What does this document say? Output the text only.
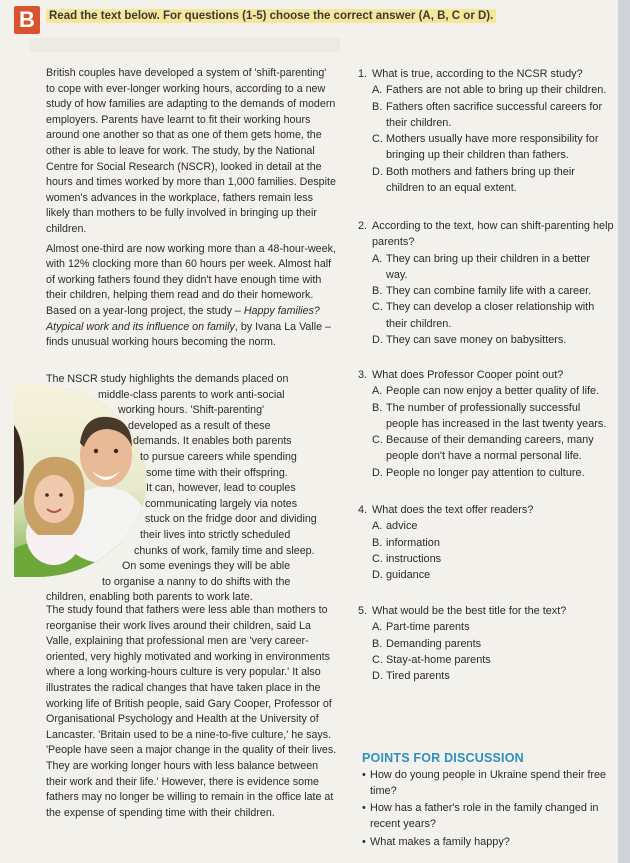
B	Read the text below. For questions (1-5) choose the correct answer (A, B, C or D).

British couples have developed a system of 'shift-parenting' to cope with ever-longer working hours, according to a new study of how families are adapting to the demands of modern employers. Parents have learnt to fit their working hours around one another so that as one of them gets home, the other is able to leave for work. The study, by the National Centre for Social Research (NSCR), looked in detail at the hours and times worked by more than 1,000 families. Despite women's advances in the workplace, fathers remain less likely than mothers to be fully involved in bringing up their children.

Almost one-third are now working more than a 48-hour-week, with 12% clocking more than 60 hours per week. Almost half of working fathers found they didn't have enough time with their children, helping them read and do their homework. Based on a year-long project, the study – Happy families? Atypical work and its influence on family, by Ivana La Valle – finds unusual working hours becoming the norm.

The NSCR study highlights the demands placed on
middle-class parents to work anti-social
working hours. 'Shift-parenting'
developed as a result of these
demands. It enables both parents
to pursue careers while spending
some time with their offspring.
It can, however, lead to couples
communicating largely via notes
stuck on the fridge door and dividing
their lives into strictly scheduled
chunks of work, family time and sleep.
On some evenings they will be able
to organise a nanny to do shifts with the
children, enabling both parents to work late.
The study found that fathers were less able than mothers to reorganise their work lives around their children, said La Valle, explaining that professional men are 'very career-oriented, very highly motivated and working in environments where a long working-hours culture is very popular.' It also illustrates the radical changes that have taken place in the working life of British people, said Gary Cooper, Professor of Organisational Psychology and Health at the University of Lancaster. 'Britain used to be a nine-to-five culture,' he says. 'People have seen a major change in the quality of their lives. They are working longer hours with less balance between their work and their life.' However, there is evidence some fathers may no longer be willing to remain in the office late at the expense of spending time with their children.
1. What is true, according to the NCSR study?
A. Fathers are not able to bring up their children.
B. Fathers often sacrifice successful careers for their children.
C. Mothers usually have more responsibility for bringing up their children than fathers.
D. Both mothers and fathers bring up their children to an equal extent.
2. According to the text, how can shift-parenting help parents?
A. They can bring up their children in a better way.
B. They can combine family life with a career.
C. They can develop a closer relationship with their children.
D. They can save money on babysitters.
3. What does Professor Cooper point out?
A. People can now enjoy a better quality of life.
B. The number of professionally successful people has increased in the last twenty years.
C. Because of their demanding careers, many people don't have a normal personal life.
D. People no longer pay attention to culture.
4. What does the text offer readers?
A. advice
B. information
C. instructions
D. guidance
5. What would be the best title for the text?
A. Part-time parents
B. Demanding parents
C. Stay-at-home parents
D. Tired parents
POINTS FOR DISCUSSION
• How do young people in Ukraine spend their free time?
• How has a father's role in the family changed in recent years?
• What makes a family happy?
